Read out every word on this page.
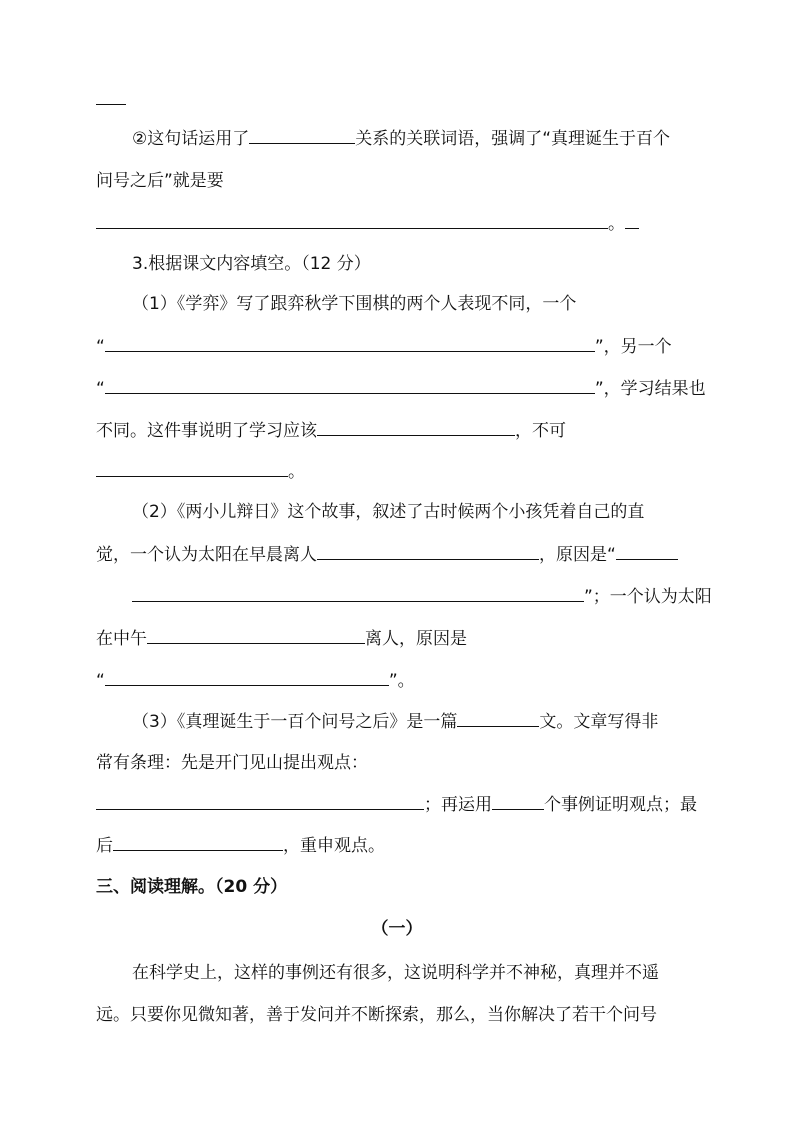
②这句话运用了	关系的关联词语，强调了“真理诞生于百个
问号之后”就是要
。
3.根据课文内容填空。（12 分）
（1）《学弈》写了跟弈秋学下围棋的两个人表现不同，一个
“	”，另一个
“	”，学习结果也
不同。这件事说明了学习应该	，不可
。
（2）《两小儿辩日》这个故事，叙述了古时候两个小孩凭着自己的直
觉，一个认为太阳在早晨离人	，原因是“
”；一个认为太阳
在中午	离人，原因是
“	”。
（3）《真理诞生于一百个问号之后》是一篇	文。文章写得非
常有条理：先是开门见山提出观点：
；再运用	个事例证明观点；最
后	，重申观点。
三、阅读理解。（20 分）
（一）
在科学史上，这样的事例还有很多，这说明科学并不神秘，真理并不遥
远。只要你见微知著，善于发问并不断探索，那么，当你解决了若干个问号
